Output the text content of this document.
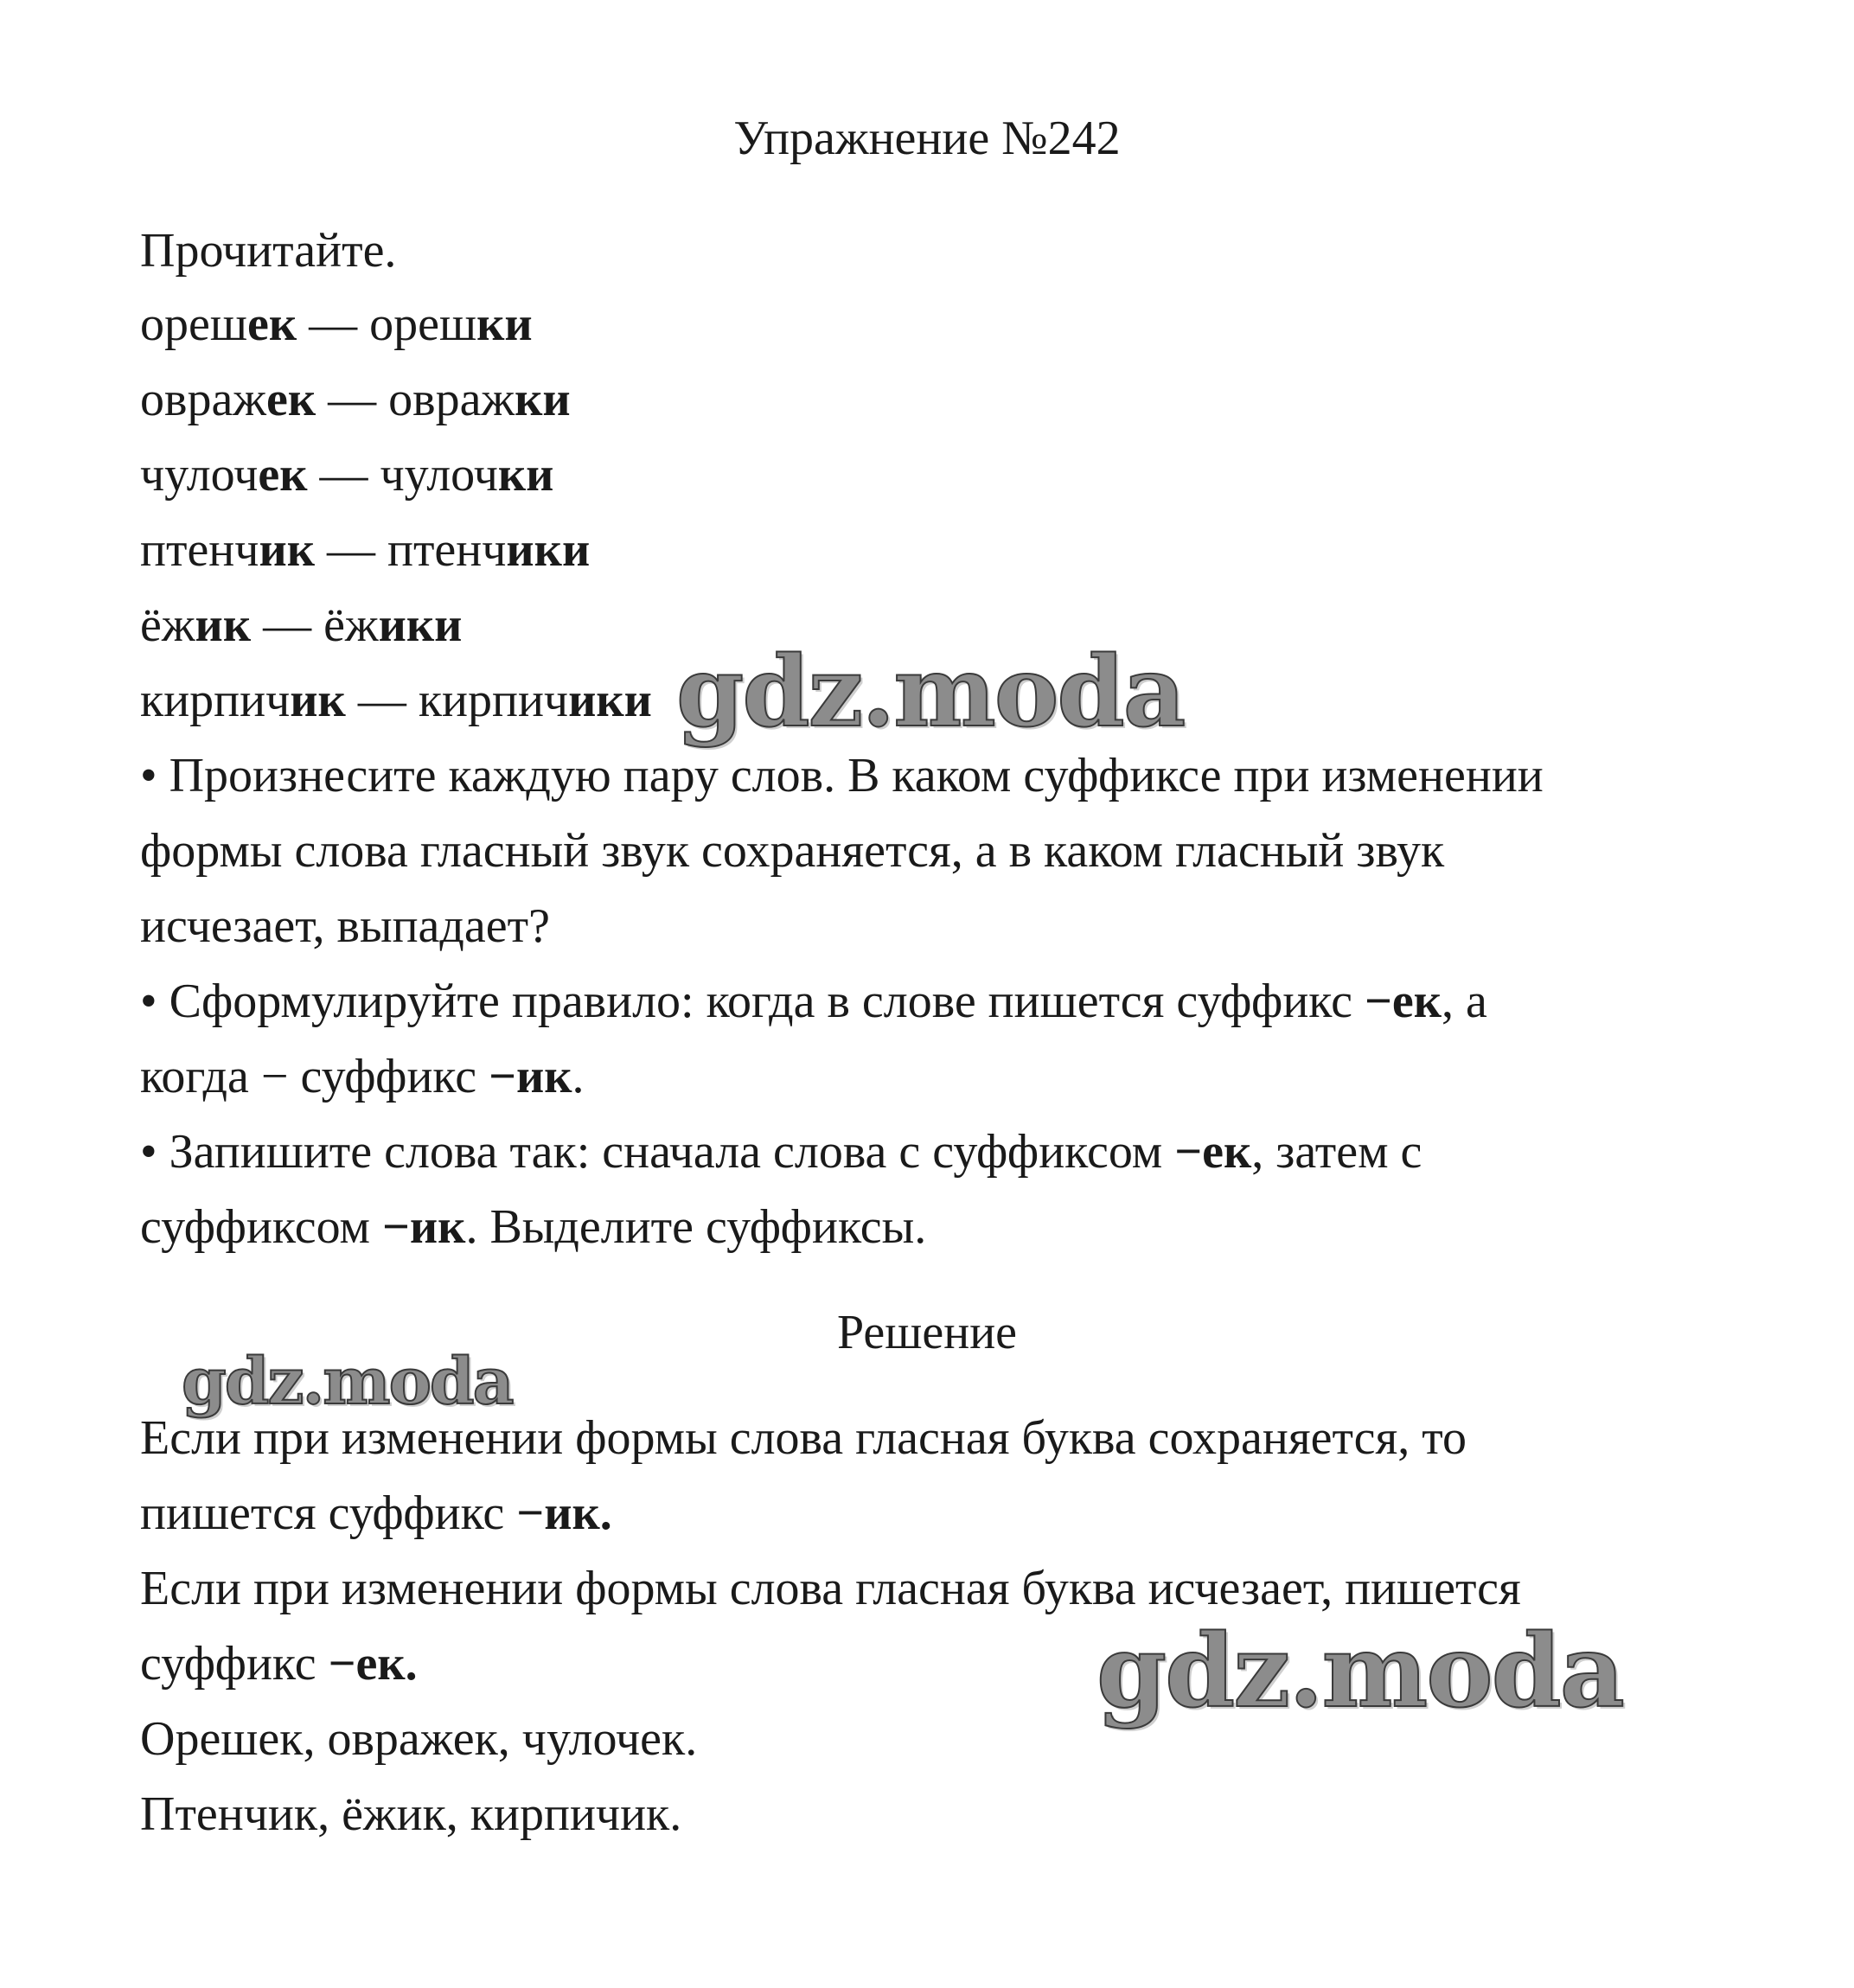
Упражнение №242
Прочитайте.
орешек — орешки
овражек — овражки
чулочек — чулочки
птенчик — птенчики
ёжик — ёжики
кирпичик — кирпичики
• Произнесите каждую пару слов. В каком суффиксе при изменении
формы слова гласный звук сохраняется, а в каком гласный звук
исчезает, выпадает?
• Сформулируйте правило: когда в слове пишется суффикс −ек, а
когда − суффикс −ик.
• Запишите слова так: сначала слова с суффиксом −ек, затем с
суффиксом −ик. Выделите суффиксы.
Решение
Если при изменении формы слова гласная буква сохраняется, то
пишется суффикс −ик.
Если при изменении формы слова гласная буква исчезает, пишется
суффикс −ек.
Орешек, овражек, чулочек.
Птенчик, ёжик, кирпичик.
gdz.moda
gdz.moda
gdz.moda
